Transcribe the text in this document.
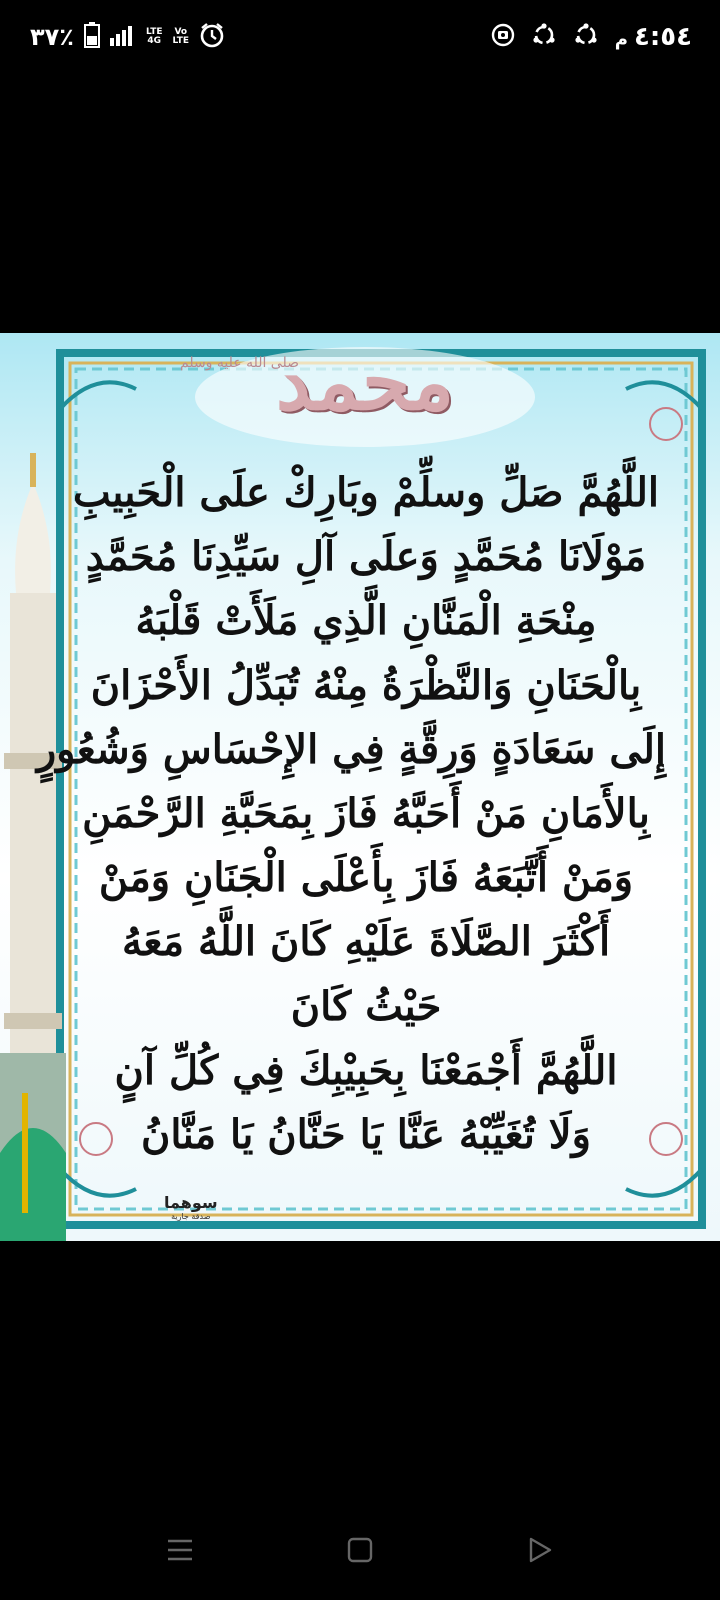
٣٧٪	LTE
4G
Vo
LTE	م ٤:٥٤
محمد
صلى الله عليه وسلم
اللَّهُمَّ صَلِّ وسلِّمْ وبَارِكْ علَى الْحَبِيبِ
مَوْلَانَا مُحَمَّدٍ وَعلَى آلِ سَيِّدِنَا مُحَمَّدٍ
مِنْحَةِ الْمَنَّانِ الَّذِي مَلَأَتْ قَلْبَهُ
بِالْحَنَانِ وَالنَّظْرَةُ مِنْهُ تُبَدِّلُ الأَحْزَانَ
إِلَى سَعَادَةٍ وَرِقَّةٍ فِي الإِحْسَاسِ وَشُعُورٍ
بِالأَمَانِ مَنْ أَحَبَّهُ فَازَ بِمَحَبَّةِ الرَّحْمَنِ
وَمَنْ أَتَّبَعَهُ فَازَ بِأَعْلَى الْجَنَانِ وَمَنْ
أَكْثَرَ الصَّلَاةَ عَلَيْهِ كَانَ اللَّهُ مَعَهُ
حَيْثُ كَانَ
اللَّهُمَّ أَجْمَعْنَا بِحَبِيْبِكَ فِي كُلِّ آنٍ
وَلَا تُغَيِّبْهُ عَنَّا يَا حَنَّانُ يَا مَنَّانُ
سوهما
صدقة جارية
